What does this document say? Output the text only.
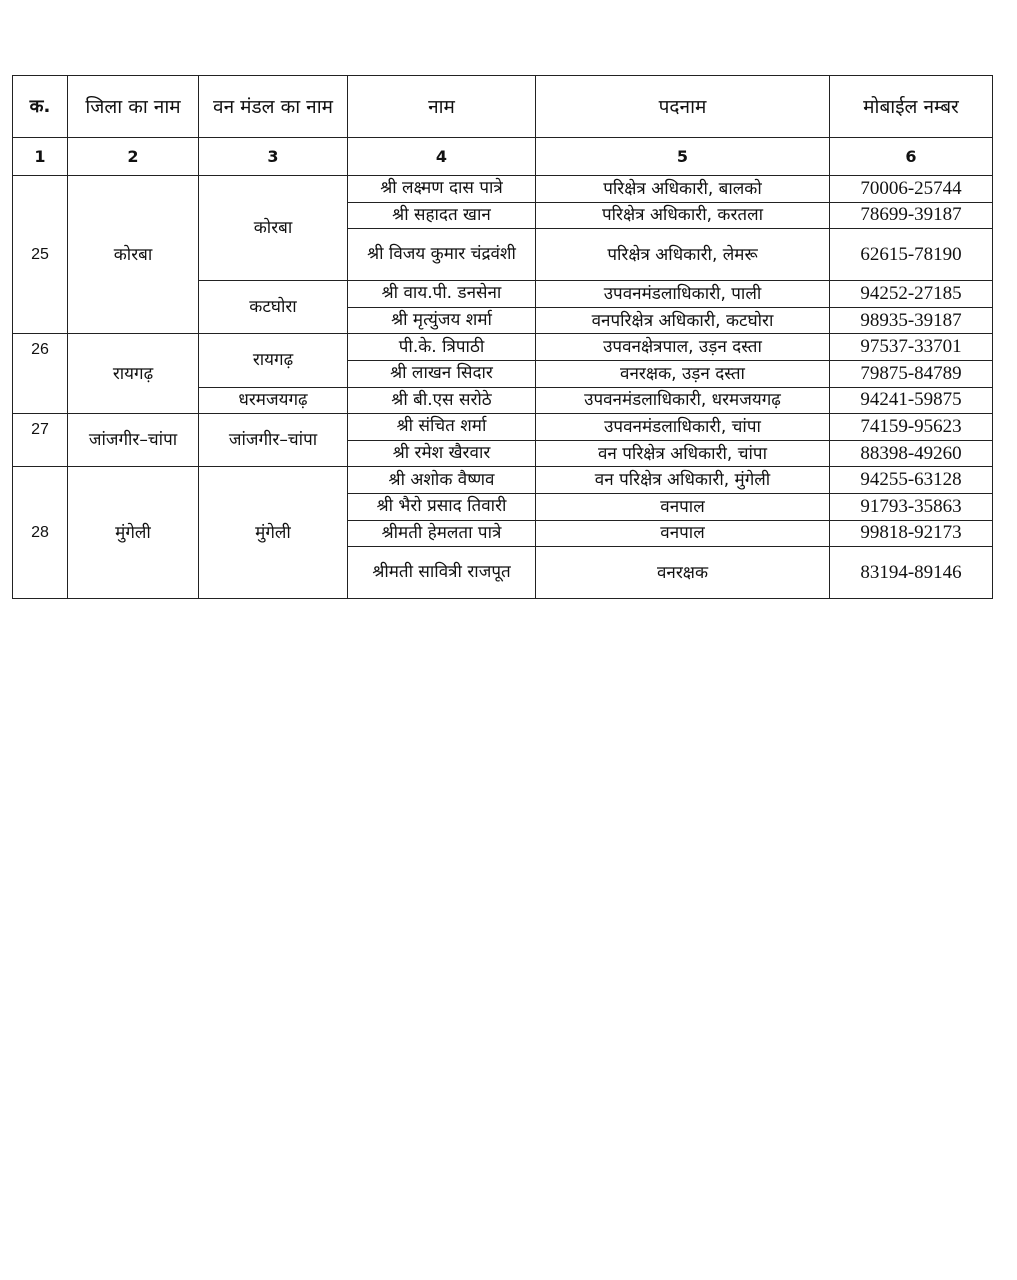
क.	जिला का नाम	वन मंडल का नाम	नाम	पदनाम	मोबाईल नम्बर
1	2	3	4	5	6
25	कोरबा	कोरबा	श्री लक्ष्मण दास पात्रे	परिक्षेत्र अधिकारी, बालको	70006-25744
			श्री सहादत खान	परिक्षेत्र अधिकारी, करतला	78699-39187
			श्री विजय कुमार चंद्रवंशी	परिक्षेत्र अधिकारी, लेमरू	62615-78190
		कटघोरा	श्री वाय.पी. डनसेना	उपवनमंडलाधिकारी, पाली	94252-27185
			श्री मृत्युंजय शर्मा	वनपरिक्षेत्र अधिकारी, कटघोरा	98935-39187
26	रायगढ़	रायगढ़	पी.के. त्रिपाठी	उपवनक्षेत्रपाल, उड़न दस्ता	97537-33701
			श्री लाखन सिदार	वनरक्षक, उड़न दस्ता	79875-84789
		धरमजयगढ़	श्री बी.एस सरोठे	उपवनमंडलाधिकारी, धरमजयगढ़	94241-59875
27	जांजगीर–चांपा	जांजगीर–चांपा	श्री संचित शर्मा	उपवनमंडलाधिकारी, चांपा	74159-95623
			श्री रमेश खैरवार	वन परिक्षेत्र अधिकारी, चांपा	88398-49260
28	मुंगेली	मुंगेली	श्री अशोक वैष्णव	वन परिक्षेत्र अधिकारी, मुंगेली	94255-63128
			श्री भैरो प्रसाद तिवारी	वनपाल	91793-35863
			श्रीमती हेमलता पात्रे	वनपाल	99818-92173
			श्रीमती सावित्री राजपूत	वनरक्षक	83194-89146
